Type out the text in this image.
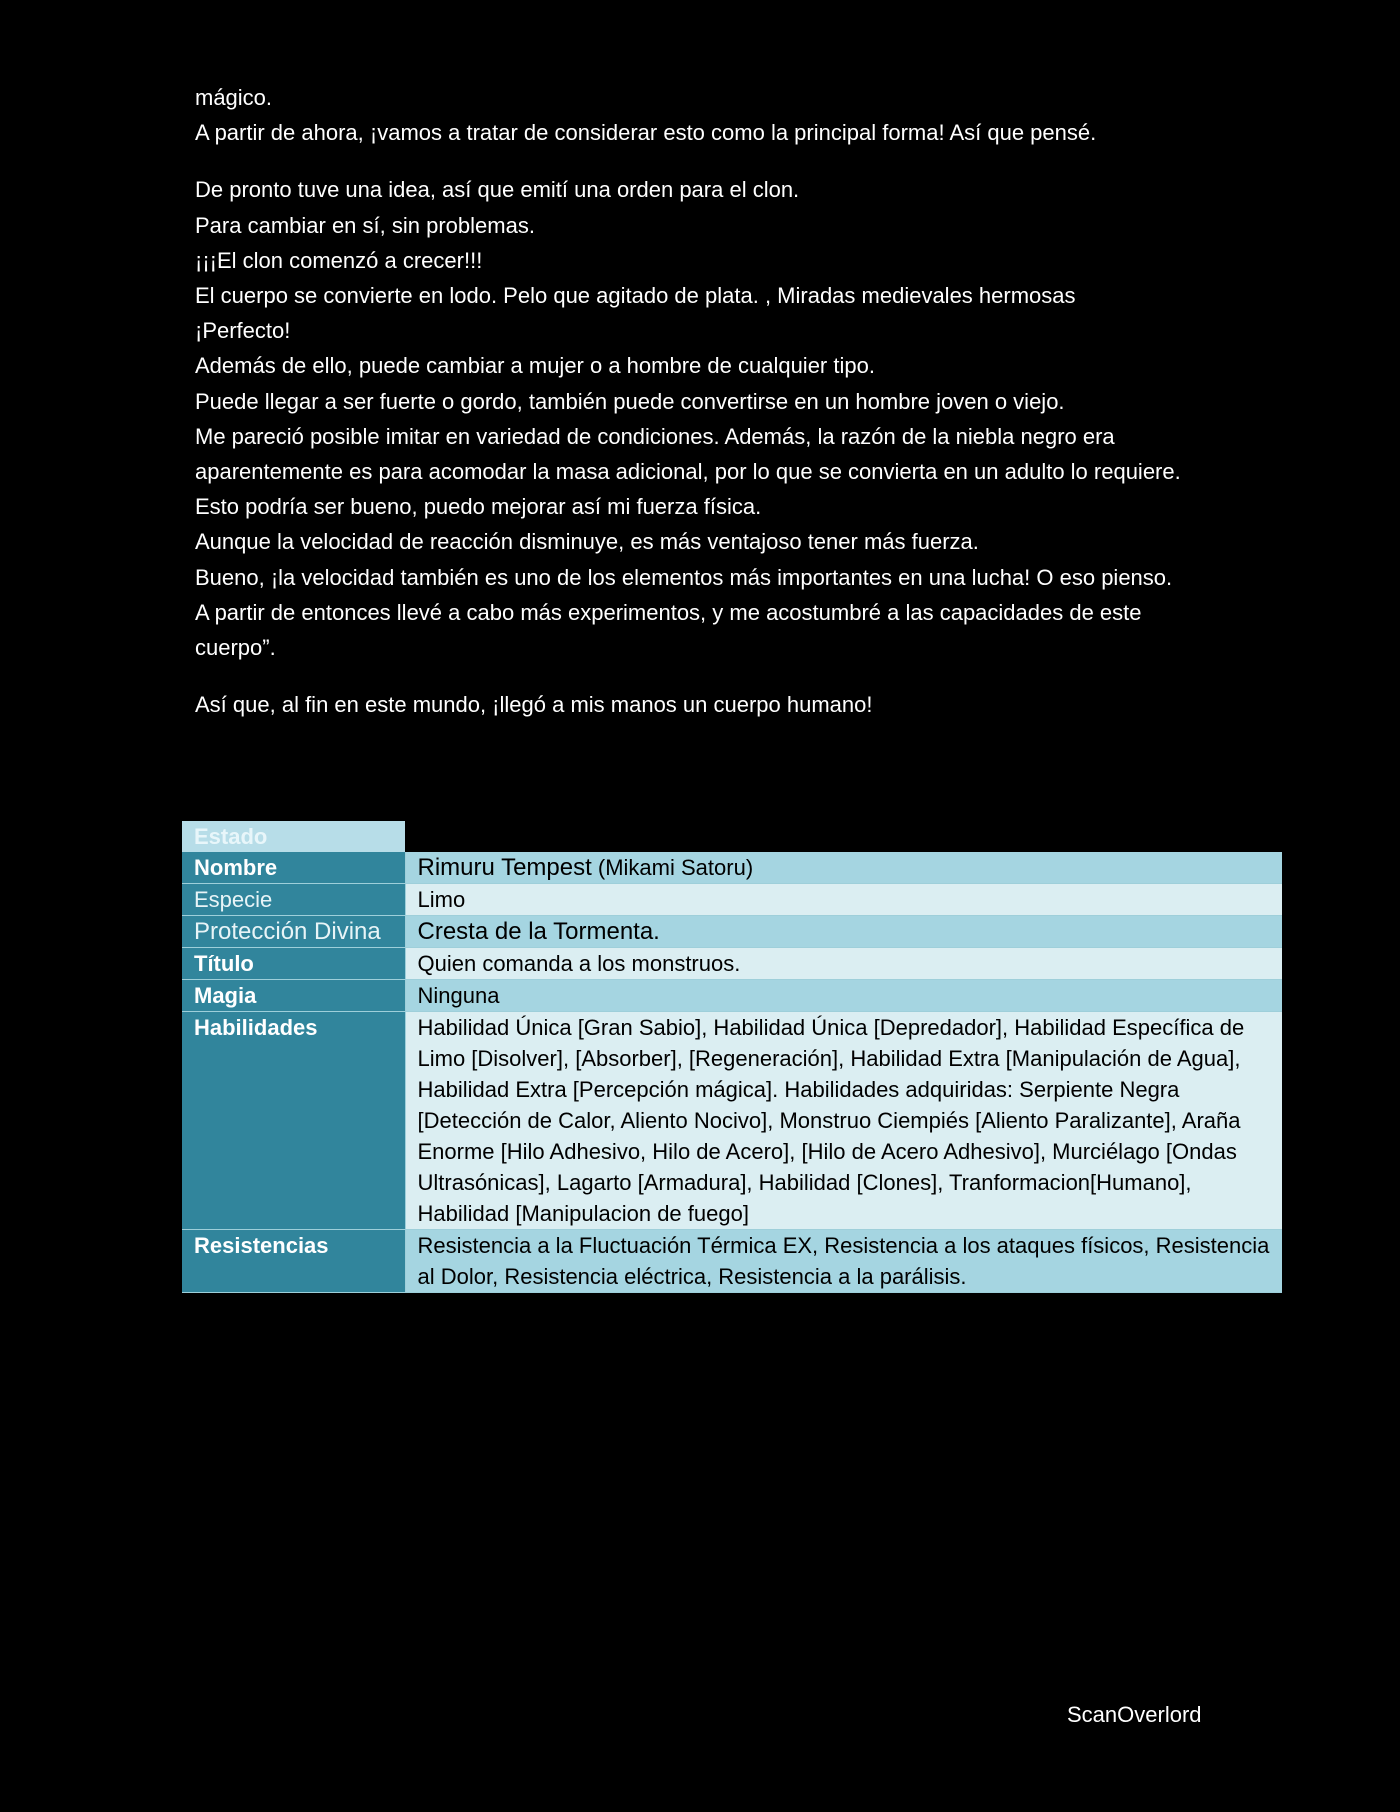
mágico.

A partir de ahora, ¡vamos a tratar de considerar esto como la principal forma! Así que pensé.

De pronto tuve una idea, así que emití una orden para el clon.

Para cambiar en sí, sin problemas.

¡¡¡El clon comenzó a crecer!!!

El cuerpo se convierte en lodo. Pelo que agitado de plata. , Miradas medievales hermosas

¡Perfecto!

Además de ello, puede cambiar a mujer o a hombre de cualquier tipo.

Puede llegar a ser fuerte o gordo, también puede convertirse en un hombre joven o viejo.

Me pareció posible imitar en variedad de condiciones. Además, la razón de la niebla negro era aparentemente es para acomodar la masa adicional, por lo que se convierta en un adulto lo requiere.

Esto podría ser bueno, puedo mejorar así mi fuerza física.

Aunque la velocidad de reacción disminuye, es más ventajoso tener más fuerza.

Bueno, ¡la velocidad también es uno de los elementos más importantes en una lucha! O eso pienso.

A partir de entonces llevé a cabo más experimentos, y me acostumbré a las capacidades de este cuerpo”.

Así que, al fin en este mundo, ¡llegó a mis manos un cuerpo humano!

Estado	
Nombre	Rimuru Tempest (Mikami Satoru)
Especie	Limo
Protección Divina	Cresta de la Tormenta.
Título	Quien comanda a los monstruos.
Magia	Ninguna
Habilidades	Habilidad Única [Gran Sabio], Habilidad Única [Depredador], Habilidad Específica de Limo [Disolver], [Absorber], [Regeneración], Habilidad Extra [Manipulación de Agua], Habilidad Extra [Percepción mágica]. Habilidades adquiridas: Serpiente Negra [Detección de Calor, Aliento Nocivo], Monstruo Ciempiés [Aliento Paralizante], Araña Enorme [Hilo Adhesivo, Hilo de Acero], [Hilo de Acero Adhesivo], Murciélago [Ondas Ultrasónicas], Lagarto [Armadura], Habilidad [Clones], Tranformacion[Humano], Habilidad [Manipulacion de fuego]
Resistencias	Resistencia a la Fluctuación Térmica EX, Resistencia a los ataques físicos, Resistencia al Dolor, Resistencia eléctrica, Resistencia a la parálisis.
ScanOverlord
